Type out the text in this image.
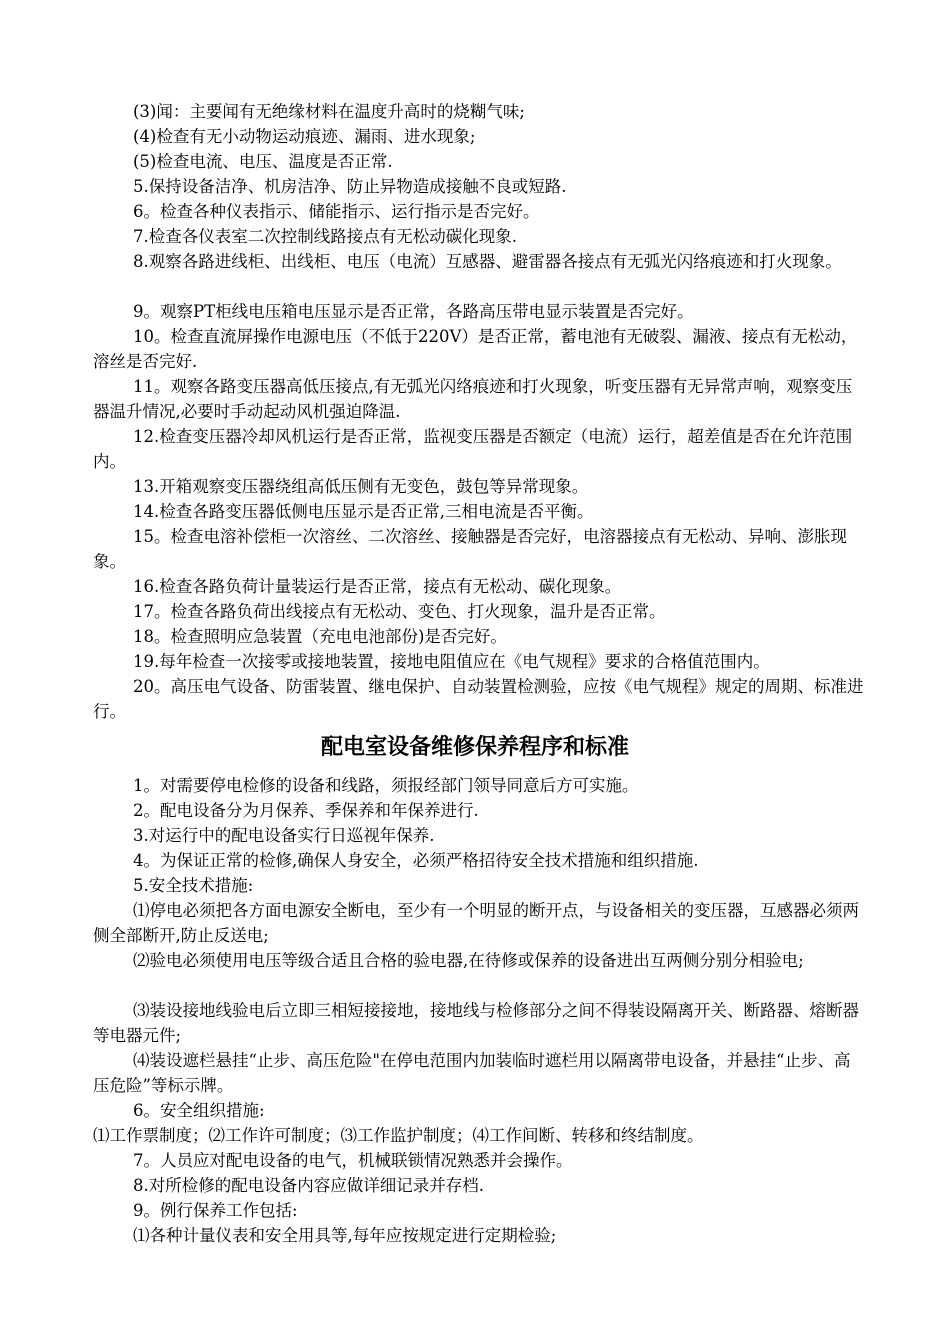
(3)闻：主要闻有无绝缘材料在温度升高时的烧糊气味;

(4)检查有无小动物运动痕迹、漏雨、进水现象;

(5)检查电流、电压、温度是否正常.

5.保持设备洁净、机房洁净、防止异物造成接触不良或短路.

6。检查各种仪表指示、储能指示、运行指示是否完好。

7.检查各仪表室二次控制线路接点有无松动碳化现象.

8.观察各路进线柜、出线柜、电压（电流）互感器、避雷器各接点有无弧光闪络痕迹和打火现象。

9。观察PT柜线电压箱电压显示是否正常，各路高压带电显示装置是否完好。

10。检查直流屏操作电源电压（不低于220V）是否正常，蓄电池有无破裂、漏液、接点有无松动，溶丝是否完好.

11。观察各路变压器高低压接点,有无弧光闪络痕迹和打火现象，听变压器有无异常声响，观察变压器温升情况,必要时手动起动风机强迫降温.

12.检查变压器冷却风机运行是否正常，监视变压器是否额定（电流）运行，超差值是否在允许范围内。

13.开箱观察变压器绕组高低压侧有无变色，鼓包等异常现象。

14.检查各路变压器低侧电压显示是否正常,三相电流是否平衡。

15。检查电溶补偿柜一次溶丝、二次溶丝、接触器是否完好，电溶器接点有无松动、异响、澎胀现象。

16.检查各路负荷计量装运行是否正常，接点有无松动、碳化现象。

17。检查各路负荷出线接点有无松动、变色、打火现象，温升是否正常。

18。检查照明应急装置（充电电池部份)是否完好。

19.每年检查一次接零或接地装置，接地电阻值应在《电气规程》要求的合格值范围内。

20。高压电气设备、防雷装置、继电保护、自动装置检测验，应按《电气规程》规定的周期、标准进行。

配电室设备维修保养程序和标准

1。对需要停电检修的设备和线路，须报经部门领导同意后方可实施。

2。配电设备分为月保养、季保养和年保养进行.

3.对运行中的配电设备实行日巡视年保养.

4。为保证正常的检修,确保人身安全，必须严格招待安全技术措施和组织措施.

5.安全技术措施:

⑴停电必须把各方面电源安全断电，至少有一个明显的断开点，与设备相关的变压器，互感器必须两侧全部断开,防止反送电;

⑵验电必须使用电压等级合适且合格的验电器,在待修或保养的设备进出互两侧分别分相验电;

⑶装设接地线验电后立即三相短接接地，接地线与检修部分之间不得装设隔离开关、断路器、熔断器等电器元件;

⑷装设遮栏悬挂“止步、高压危险"在停电范围内加装临时遮栏用以隔离带电设备，并悬挂“止步、高压危险”等标示牌。

6。安全组织措施:

⑴工作票制度；⑵工作许可制度；⑶工作监护制度；⑷工作间断、转移和终结制度。

7。人员应对配电设备的电气，机械联锁情况熟悉并会操作。

8.对所检修的配电设备内容应做详细记录并存档.

9。例行保养工作包括:

⑴各种计量仪表和安全用具等,每年应按规定进行定期检验;
